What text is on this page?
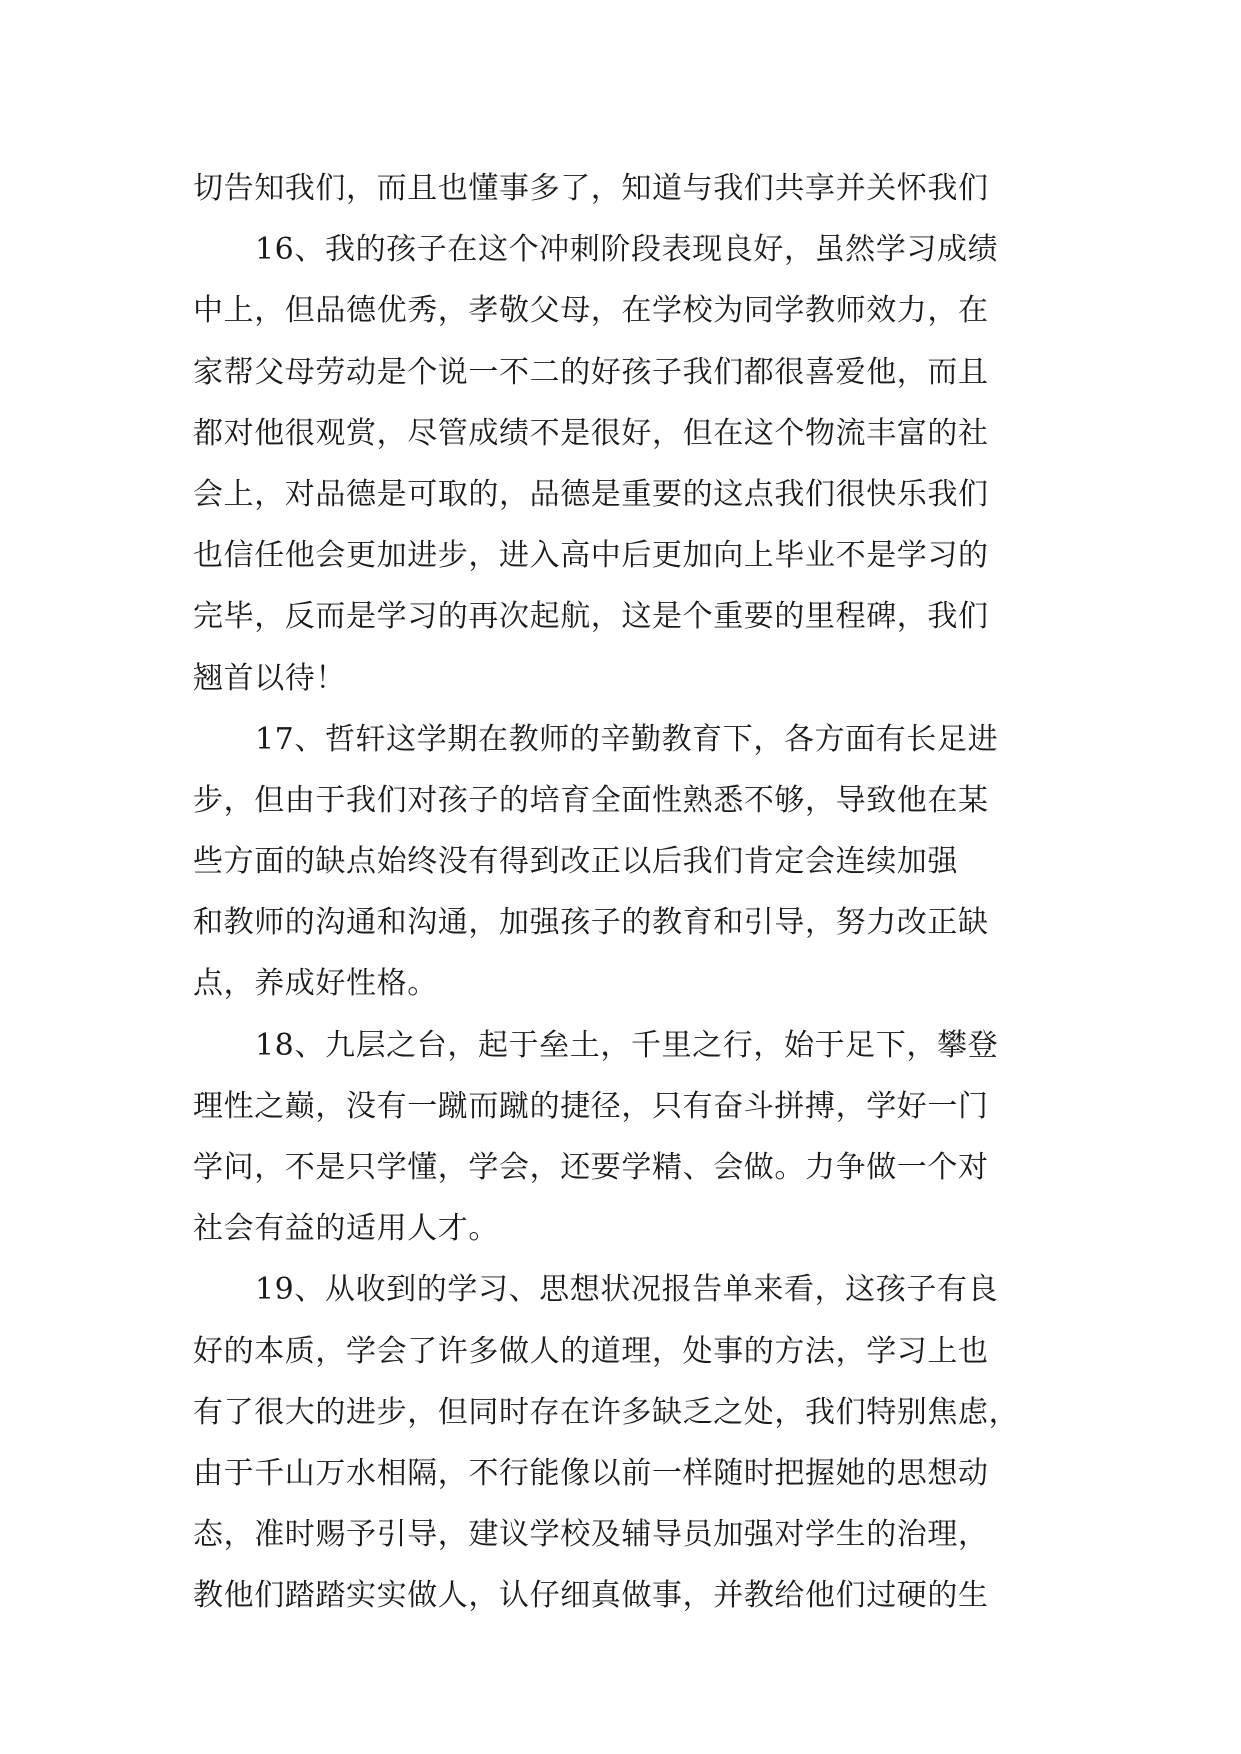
切告知我们，而且也懂事多了，知道与我们共享并关怀我们
16、我的孩子在这个冲刺阶段表现良好，虽然学习成绩
中上，但品德优秀，孝敬父母，在学校为同学教师效力，在
家帮父母劳动是个说一不二的好孩子我们都很喜爱他，而且
都对他很观赏，尽管成绩不是很好，但在这个物流丰富的社
会上，对品德是可取的，品德是重要的这点我们很快乐我们
也信任他会更加进步，进入高中后更加向上毕业不是学习的
完毕，反而是学习的再次起航，这是个重要的里程碑，我们
翘首以待！
17、哲轩这学期在教师的辛勤教育下，各方面有长足进
步，但由于我们对孩子的培育全面性熟悉不够，导致他在某
些方面的缺点始终没有得到改正以后我们肯定会连续加强
和教师的沟通和沟通，加强孩子的教育和引导，努力改正缺
点，养成好性格。
18、九层之台，起于垒土，千里之行，始于足下，攀登
理性之巅，没有一蹴而蹴的捷径，只有奋斗拼搏，学好一门
学问，不是只学懂，学会，还要学精、会做。力争做一个对
社会有益的适用人才。
19、从收到的学习、思想状况报告单来看，这孩子有良
好的本质，学会了许多做人的道理，处事的方法，学习上也
有了很大的进步，但同时存在许多缺乏之处，我们特别焦虑，
由于千山万水相隔，不行能像以前一样随时把握她的思想动
态，准时赐予引导，建议学校及辅导员加强对学生的治理，
教他们踏踏实实做人，认仔细真做事，并教给他们过硬的生
